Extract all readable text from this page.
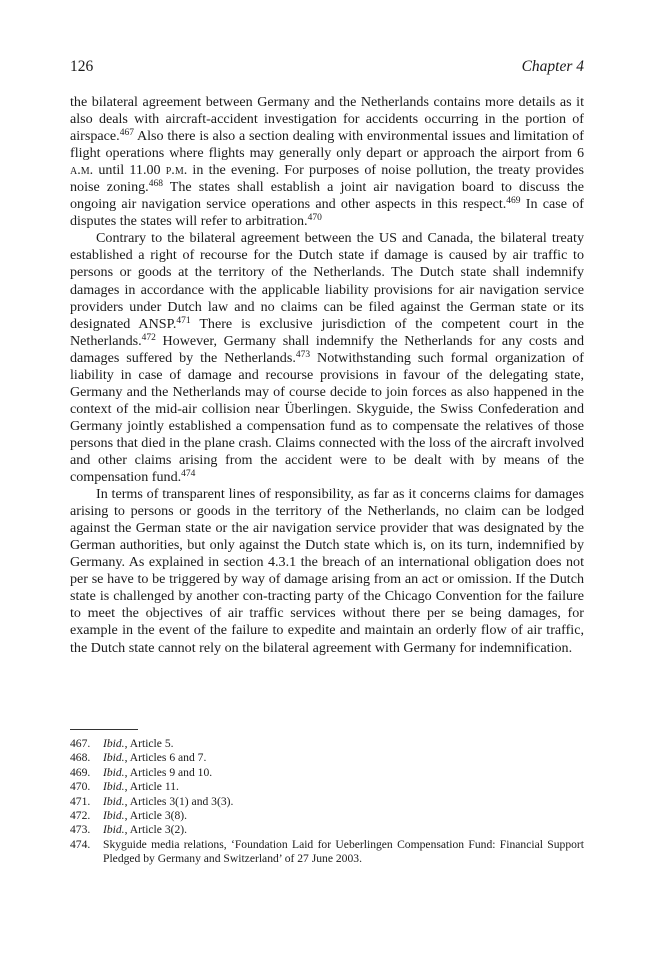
126	Chapter 4

the bilateral agreement between Germany and the Netherlands contains more details as it also deals with aircraft-accident investigation for accidents occurring in the portion of airspace.$^{467}$ Also there is also a section dealing with environmental issues and limitation of flight operations where flights may generally only depart or approach the airport from 6 a.m. until 11.00 p.m. in the evening. For purposes of noise pollution, the treaty provides noise zoning.$^{468}$ The states shall establish a joint air navigation board to discuss the ongoing air navigation service operations and other aspects in this respect.$^{469}$ In case of disputes the states will refer to arbitration.$^{470}$

Contrary to the bilateral agreement between the US and Canada, the bilateral treaty established a right of recourse for the Dutch state if damage is caused by air traffic to persons or goods at the territory of the Netherlands. The Dutch state shall indemnify damages in accordance with the applicable liability provisions for air navigation service providers under Dutch law and no claims can be filed against the German state or its designated ANSP.$^{471}$ There is exclusive jurisdiction of the competent court in the Netherlands.$^{472}$ However, Germany shall indemnify the Netherlands for any costs and damages suffered by the Netherlands.$^{473}$ Notwithstanding such formal organization of liability in case of damage and recourse provisions in favour of the delegating state, Germany and the Netherlands may of course decide to join forces as also happened in the context of the mid-air collision near Überlingen. Skyguide, the Swiss Confederation and Germany jointly established a compensation fund as to compensate the relatives of those persons that died in the plane crash. Claims connected with the loss of the aircraft involved and other claims arising from the accident were to be dealt with by means of the compensation fund.$^{474}$

In terms of transparent lines of responsibility, as far as it concerns claims for damages arising to persons or goods in the territory of the Netherlands, no claim can be lodged against the German state or the air navigation service provider that was designated by the German authorities, but only against the Dutch state which is, on its turn, indemnified by Germany. As explained in section 4.3.1 the breach of an international obligation does not per se have to be triggered by way of damage arising from an act or omission. If the Dutch state is challenged by another con-tracting party of the Chicago Convention for the failure to meet the objectives of air traffic services without there per se being damages, for example in the event of the failure to expedite and maintain an orderly flow of air traffic, the Dutch state cannot rely on the bilateral agreement with Germany for indemnification.

467. Ibid., Article 5.
468. Ibid., Articles 6 and 7.
469. Ibid., Articles 9 and 10.
470. Ibid., Article 11.
471. Ibid., Articles 3(1) and 3(3).
472. Ibid., Article 3(8).
473. Ibid., Article 3(2).
474. Skyguide media relations, ‘Foundation Laid for Ueberlingen Compensation Fund: Financial Support Pledged by Germany and Switzerland’ of 27 June 2003.
